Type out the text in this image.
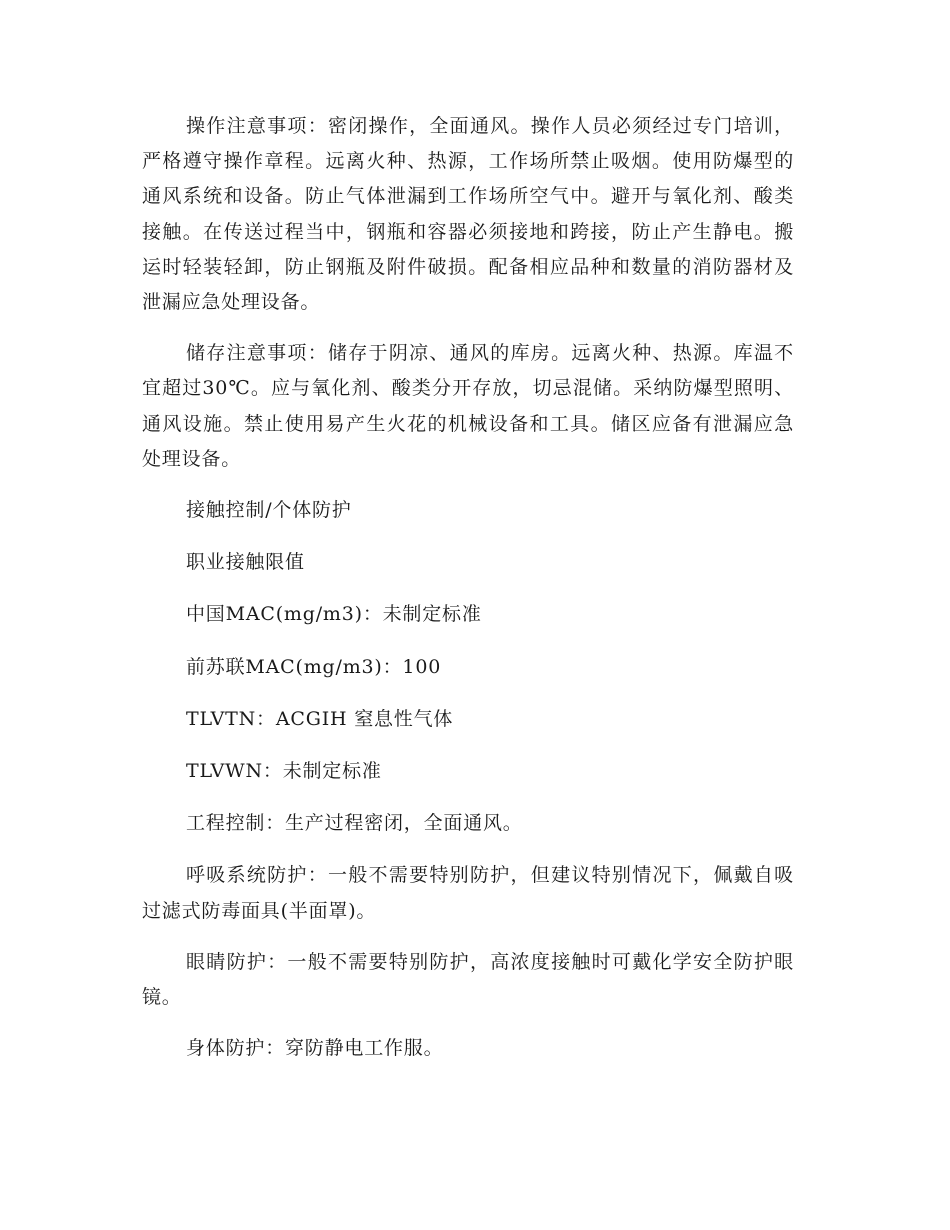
操作注意事项：密闭操作，全面通风。操作人员必须经过专门培训，严格遵守操作章程。远离火种、热源，工作场所禁止吸烟。使用防爆型的通风系统和设备。防止气体泄漏到工作场所空气中。避开与氧化剂、酸类接触。在传送过程当中，钢瓶和容器必须接地和跨接，防止产生静电。搬运时轻装轻卸，防止钢瓶及附件破损。配备相应品种和数量的消防器材及泄漏应急处理设备。

储存注意事项：储存于阴凉、通风的库房。远离火种、热源。库温不宜超过30℃。应与氧化剂、酸类分开存放，切忌混储。采纳防爆型照明、通风设施。禁止使用易产生火花的机械设备和工具。储区应备有泄漏应急处理设备。

接触控制/个体防护

职业接触限值

中国MAC(mg/m3)：未制定标准

前苏联MAC(mg/m3)：100

TLVTN：ACGIH 窒息性气体

TLVWN：未制定标准

工程控制：生产过程密闭，全面通风。

呼吸系统防护：一般不需要特别防护，但建议特别情况下，佩戴自吸过滤式防毒面具(半面罩)。

眼睛防护：一般不需要特别防护，高浓度接触时可戴化学安全防护眼镜。

身体防护：穿防静电工作服。
